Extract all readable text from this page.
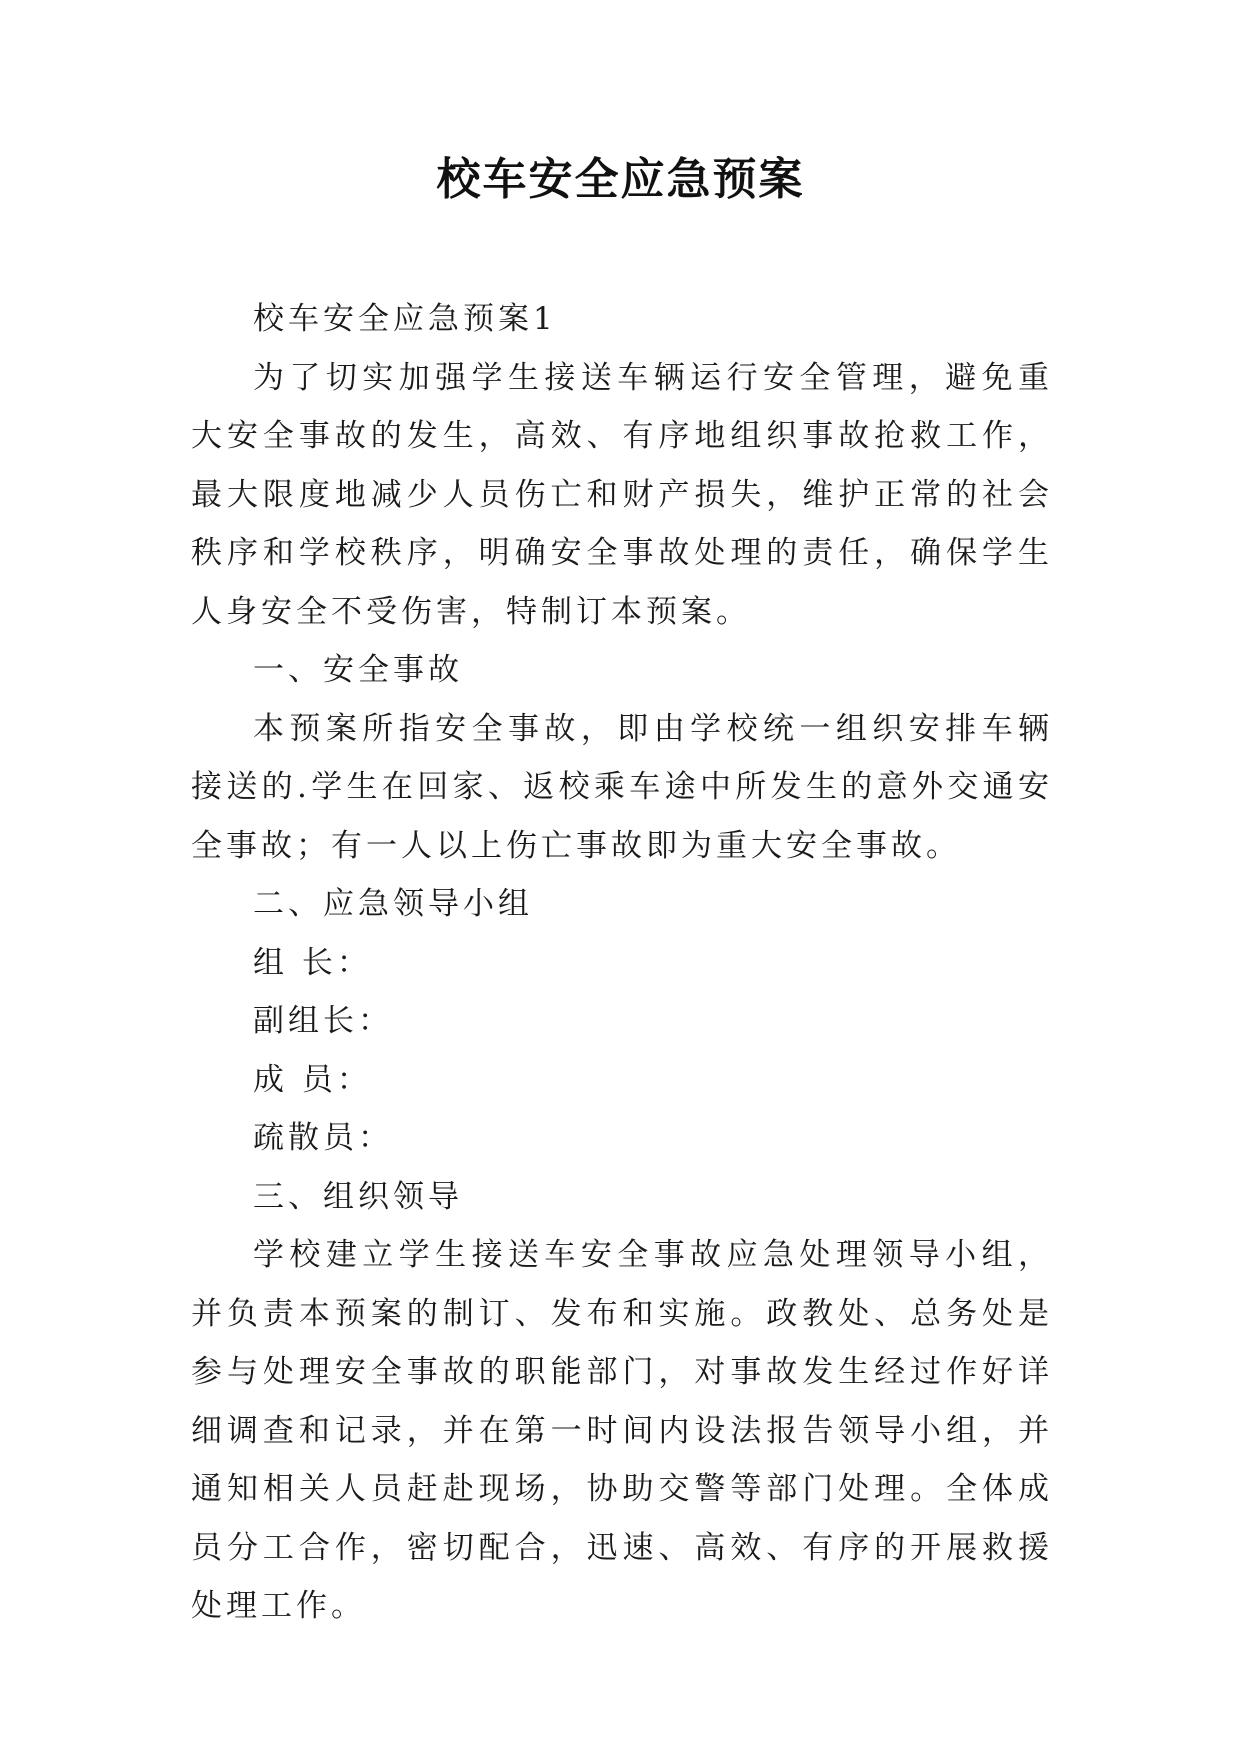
校车安全应急预案

校车安全应急预案1

为了切实加强学生接送车辆运行安全管理，避免重大安全事故的发生，高效、有序地组织事故抢救工作，最大限度地减少人员伤亡和财产损失，维护正常的社会秩序和学校秩序，明确安全事故处理的责任，确保学生人身安全不受伤害，特制订本预案。

一、安全事故

本预案所指安全事故，即由学校统一组织安排车辆接送的.学生在回家、返校乘车途中所发生的意外交通安全事故；有一人以上伤亡事故即为重大安全事故。

二、应急领导小组

组 长：

副组长：

成 员：

疏散员：

三、组织领导

学校建立学生接送车安全事故应急处理领导小组，并负责本预案的制订、发布和实施。政教处、总务处是参与处理安全事故的职能部门，对事故发生经过作好详细调查和记录，并在第一时间内设法报告领导小组，并通知相关人员赶赴现场，协助交警等部门处理。全体成员分工合作，密切配合，迅速、高效、有序的开展救援处理工作。
